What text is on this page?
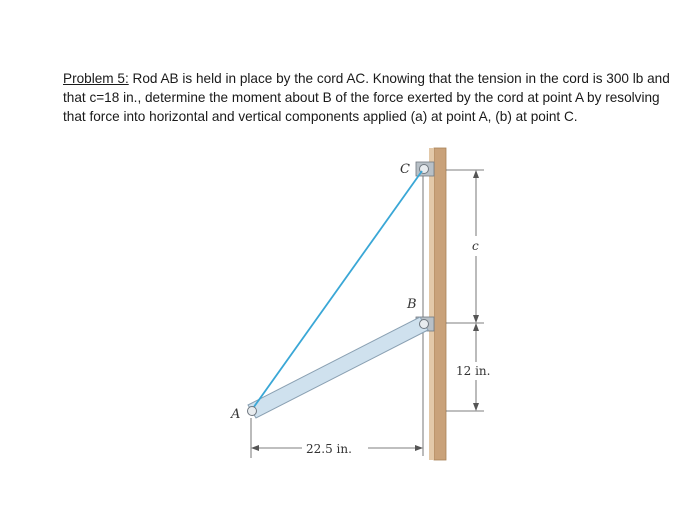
Problem 5: Rod AB is held in place by the cord AC. Knowing that the tension in the cord is 300 lb and that c=18 in., determine the moment about B of the force exerted by the cord at point A by resolving that force into horizontal and vertical components applied (a) at point A, (b) at point C.

C
B
A
c
12 in.
22.5 in.
